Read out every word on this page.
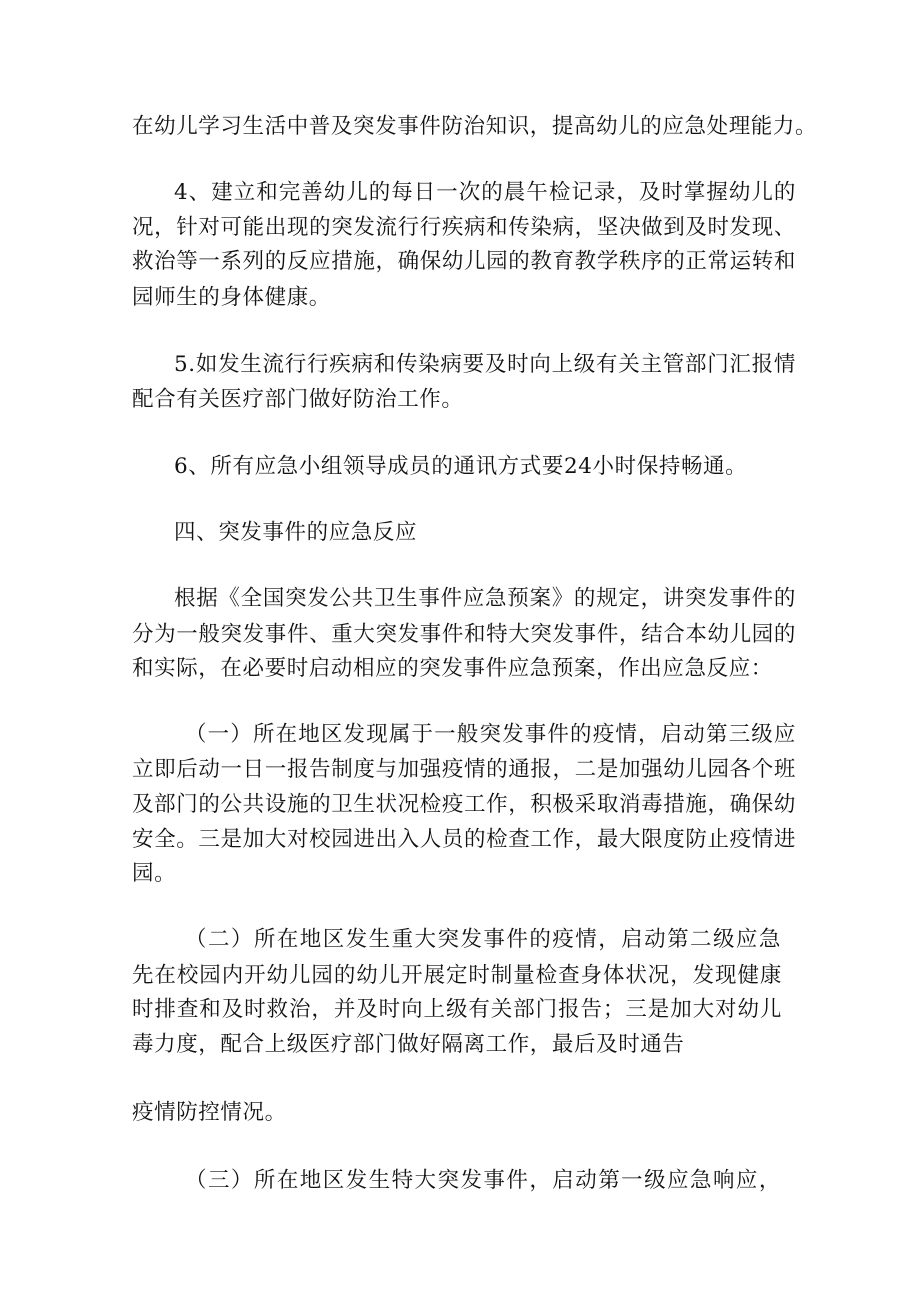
在幼儿学习生活中普及突发事件防治知识，提高幼儿的应急处理能力。
4、建立和完善幼儿的每日一次的晨午检记录，及时掌握幼儿的
况，针对可能出现的突发流行行疾病和传染病，坚决做到及时发现、
救治等一系列的反应措施，确保幼儿园的教育教学秩序的正常运转和
园师生的身体健康。
5.如发生流行行疾病和传染病要及时向上级有关主管部门汇报情
配合有关医疗部门做好防治工作。
6、所有应急小组领导成员的通讯方式要24小时保持畅通。
四、突发事件的应急反应
根据《全国突发公共卫生事件应急预案》的规定，讲突发事件的
分为一般突发事件、重大突发事件和特大突发事件，结合本幼儿园的
和实际，在必要时启动相应的突发事件应急预案，作出应急反应：
（一）所在地区发现属于一般突发事件的疫情，启动第三级应
立即后动一日一报告制度与加强疫情的通报，二是加强幼儿园各个班
及部门的公共设施的卫生状况检疫工作，积极采取消毒措施，确保幼
安全。三是加大对校园进出入人员的检查工作，最大限度防止疫情进
园。
（二）所在地区发生重大突发事件的疫情，启动第二级应急
先在校园内开幼儿园的幼儿开展定时制量检查身体状况，发现健康
时排查和及时救治，并及时向上级有关部门报告；三是加大对幼儿
毒力度，配合上级医疗部门做好隔离工作，最后及时通告
疫情防控情况。
（三）所在地区发生特大突发事件，启动第一级应急响应，
